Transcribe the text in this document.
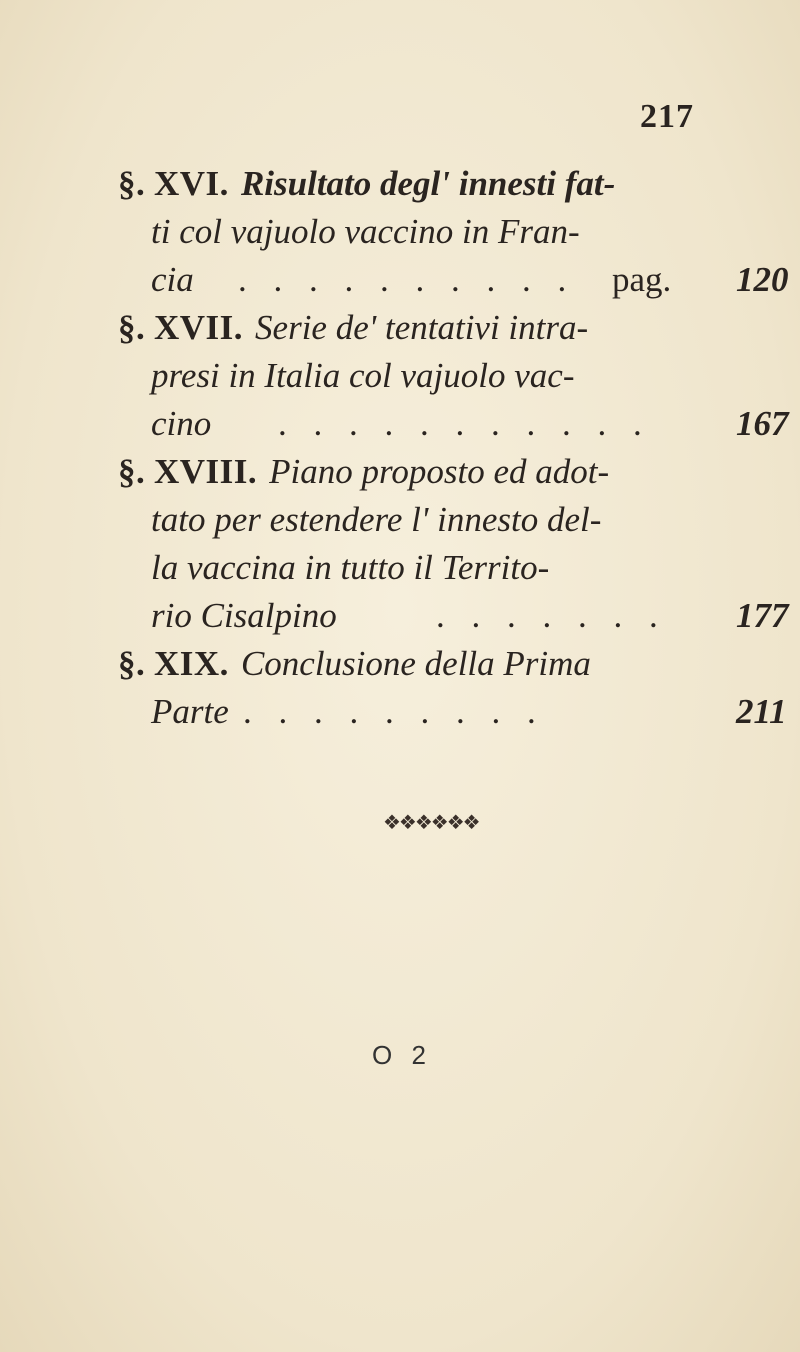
217
§. XVI. Risultato degl' innesti fat-
ti col vajuolo vaccino in Fran-
cia . . . . . . . . . . pag. 120
§. XVII. Serie de' tentativi intra-
presi in Italia col vajuolo vac-
cino . . . . . . . . . . . 167
§. XVIII. Piano proposto ed adot-
tato per estendere l' innesto del-
la vaccina in tutto il Territo-
rio Cisalpino	. . . . . . . 177
§. XIX. Conclusione della Prima
Parte . . . . . . . . .	211
❖❖❖❖❖❖
O 2
